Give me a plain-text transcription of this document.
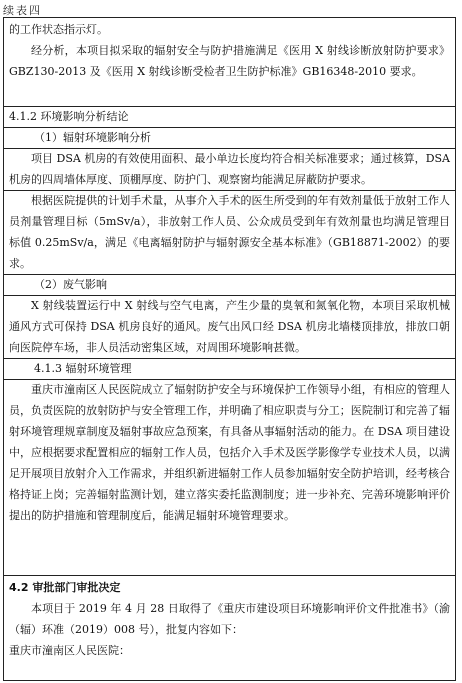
续表四
的工作状态指示灯。
经分析，本项目拟采取的辐射安全与防护措施满足《医用 X 射线诊断放射防护要求》GBZ130-2013 及《医用 X 射线诊断受检者卫生防护标准》GB16348-2010 要求。
4.1.2 环境影响分析结论
（1）辐射环境影响分析
项目 DSA 机房的有效使用面积、最小单边长度均符合相关标准要求；通过核算，DSA 机房的四周墙体厚度、顶棚厚度、防护门、观察窗均能满足屏蔽防护要求。
根据医院提供的计划手术量，从事介入手术的医生所受到的年有效剂量低于放射工作人员剂量管理目标（5mSv/a），非放射工作人员、公众成员受到年有效剂量也均满足管理目标值 0.25mSv/a，满足《电离辐射防护与辐射源安全基本标准》（GB18871-2002）的要求。
（2）废气影响
X 射线装置运行中 X 射线与空气电离，产生少量的臭氧和氮氧化物，本项目采取机械通风方式可保持 DSA 机房良好的通风。废气出风口经 DSA 机房北墙楼顶排放，排放口朝向医院停车场，非人员活动密集区域，对周围环境影响甚微。
4.1.3 辐射环境管理
重庆市潼南区人民医院成立了辐射防护安全与环境保护工作领导小组，有相应的管理人员，负责医院的放射防护与安全管理工作，并明确了相应职责与分工；医院制订和完善了辐射环境管理规章制度及辐射事故应急预案，有具备从事辐射活动的能力。在 DSA 项目建设中，应根据要求配置相应的辐射工作人员，包括介入手术及医学影像学专业技术人员，以满足开展项目放射介入工作需求，并组织新进辐射工作人员参加辐射安全防护培训，经考核合格持证上岗；完善辐射监测计划，建立落实委托监测制度；进一步补充、完善环境影响评价提出的防护措施和管理制度后，能满足辐射环境管理要求。
4.2 审批部门审批决定
本项目于 2019 年 4 月 28 日取得了《重庆市建设项目环境影响评价文件批准书》（渝（辐）环准（2019）008 号），批复内容如下：
重庆市潼南区人民医院：
